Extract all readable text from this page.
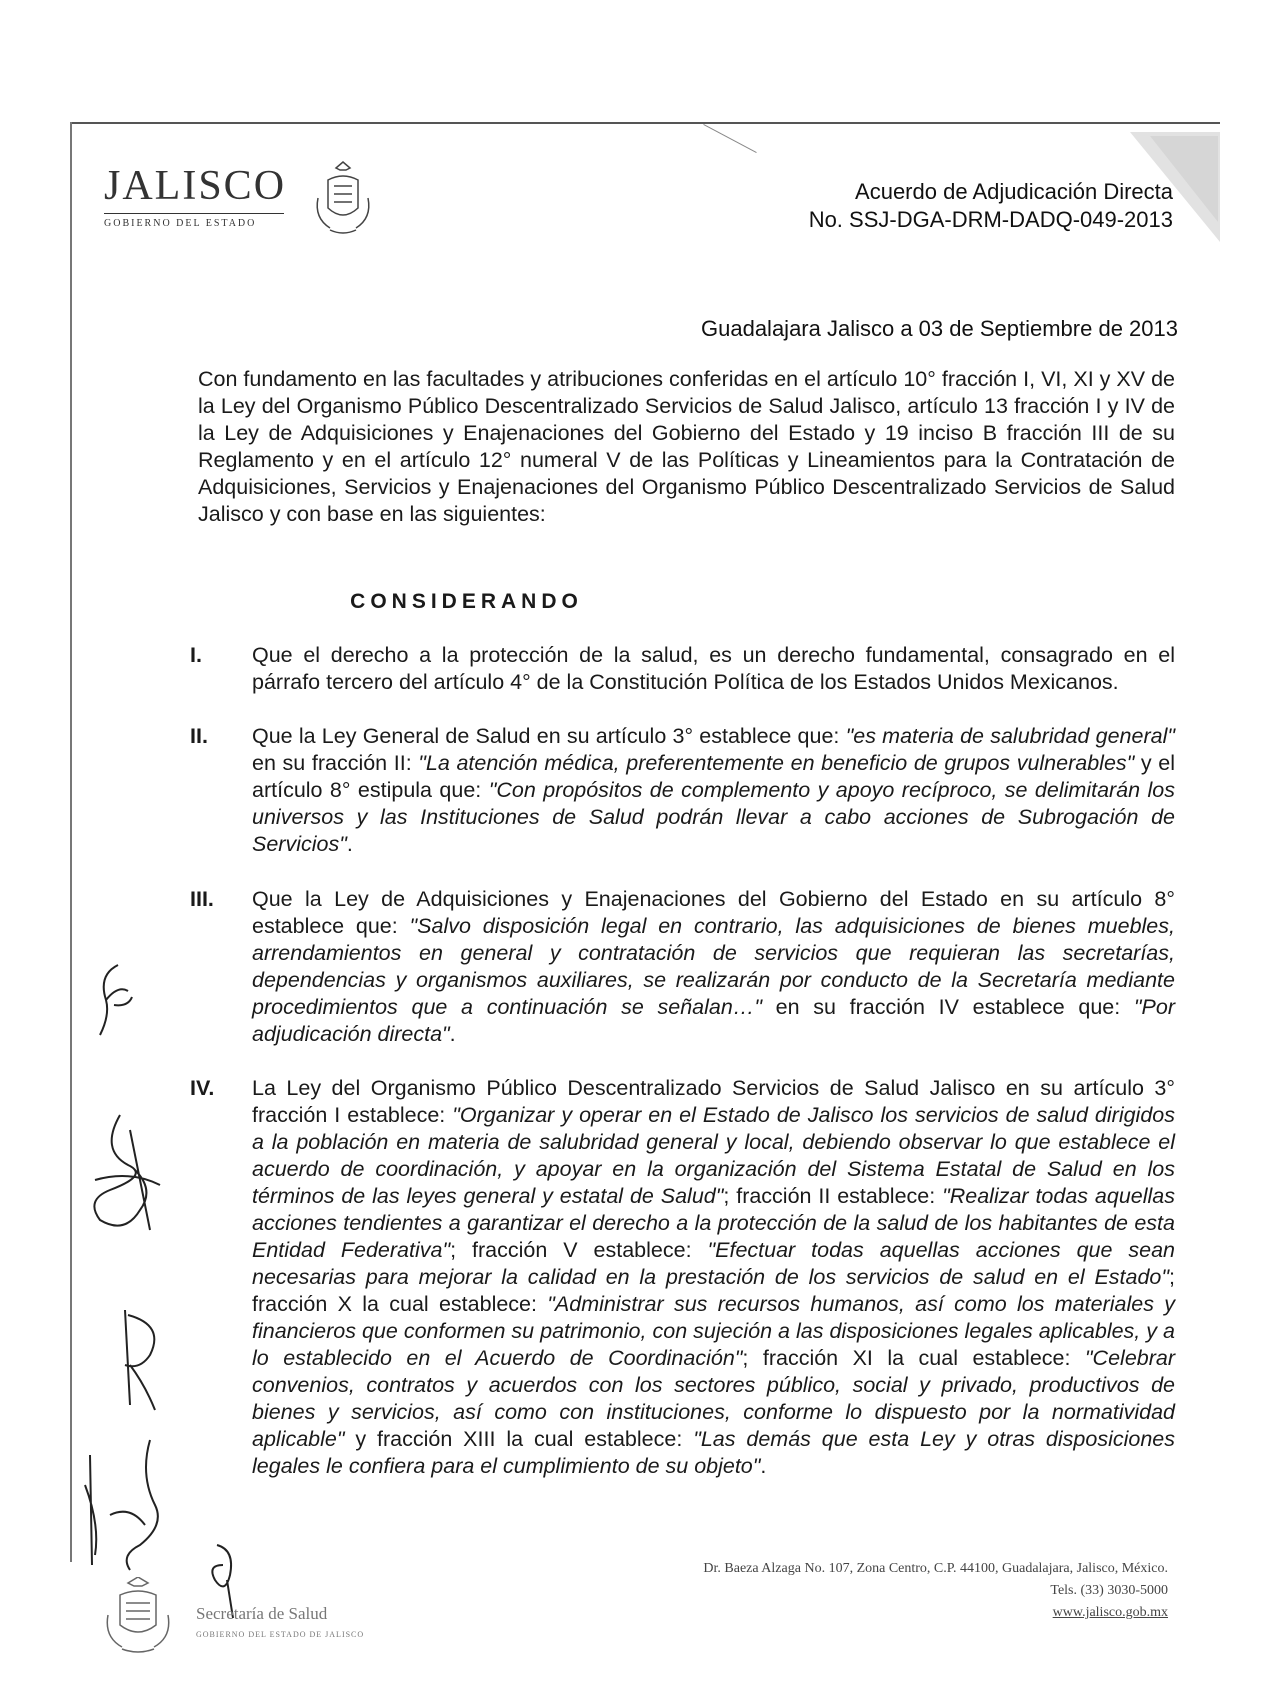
JALISCO
GOBIERNO DEL ESTADO
Acuerdo de Adjudicación Directa
No. SSJ-DGA-DRM-DADQ-049-2013
Guadalajara Jalisco a 03 de Septiembre de 2013
Con fundamento en las facultades y atribuciones conferidas en el artículo 10° fracción I, VI, XI y XV de la Ley del Organismo Público Descentralizado Servicios de Salud Jalisco, artículo 13 fracción I y IV de la Ley de Adquisiciones y Enajenaciones del Gobierno del Estado y 19 inciso B fracción III de su Reglamento y en el artículo 12° numeral V de las Políticas y Lineamientos para la Contratación de Adquisiciones, Servicios y Enajenaciones del Organismo Público Descentralizado Servicios de Salud Jalisco y con base en las siguientes:
CONSIDERANDO
I. Que el derecho a la protección de la salud, es un derecho fundamental, consagrado en el párrafo tercero del artículo 4° de la Constitución Política de los Estados Unidos Mexicanos.
II. Que la Ley General de Salud en su artículo 3° establece que: "es materia de salubridad general" en su fracción II: "La atención médica, preferentemente en beneficio de grupos vulnerables" y el artículo 8° estipula que: "Con propósitos de complemento y apoyo recíproco, se delimitarán los universos y las Instituciones de Salud podrán llevar a cabo acciones de Subrogación de Servicios".
III. Que la Ley de Adquisiciones y Enajenaciones del Gobierno del Estado en su artículo 8° establece que: "Salvo disposición legal en contrario, las adquisiciones de bienes muebles, arrendamientos en general y contratación de servicios que requieran las secretarías, dependencias y organismos auxiliares, se realizarán por conducto de la Secretaría mediante procedimientos que a continuación se señalan…" en su fracción IV establece que: "Por adjudicación directa".
IV. La Ley del Organismo Público Descentralizado Servicios de Salud Jalisco en su artículo 3° fracción I establece: "Organizar y operar en el Estado de Jalisco los servicios de salud dirigidos a la población en materia de salubridad general y local, debiendo observar lo que establece el acuerdo de coordinación, y apoyar en la organización del Sistema Estatal de Salud en los términos de las leyes general y estatal de Salud"; fracción II establece: "Realizar todas aquellas acciones tendientes a garantizar el derecho a la protección de la salud de los habitantes de esta Entidad Federativa"; fracción V establece: "Efectuar todas aquellas acciones que sean necesarias para mejorar la calidad en la prestación de los servicios de salud en el Estado"; fracción X la cual establece: "Administrar sus recursos humanos, así como los materiales y financieros que conformen su patrimonio, con sujeción a las disposiciones legales aplicables, y a lo establecido en el Acuerdo de Coordinación"; fracción XI la cual establece: "Celebrar convenios, contratos y acuerdos con los sectores público, social y privado, productivos de bienes y servicios, así como con instituciones, conforme lo dispuesto por la normatividad aplicable" y fracción XIII la cual establece: "Las demás que esta Ley y otras disposiciones legales le confiera para el cumplimiento de su objeto".
Secretaría de Salud
GOBIERNO DEL ESTADO DE JALISCO
Dr. Baeza Alzaga No. 107, Zona Centro, C.P. 44100, Guadalajara, Jalisco, México.
Tels. (33) 3030-5000
www.jalisco.gob.mx
